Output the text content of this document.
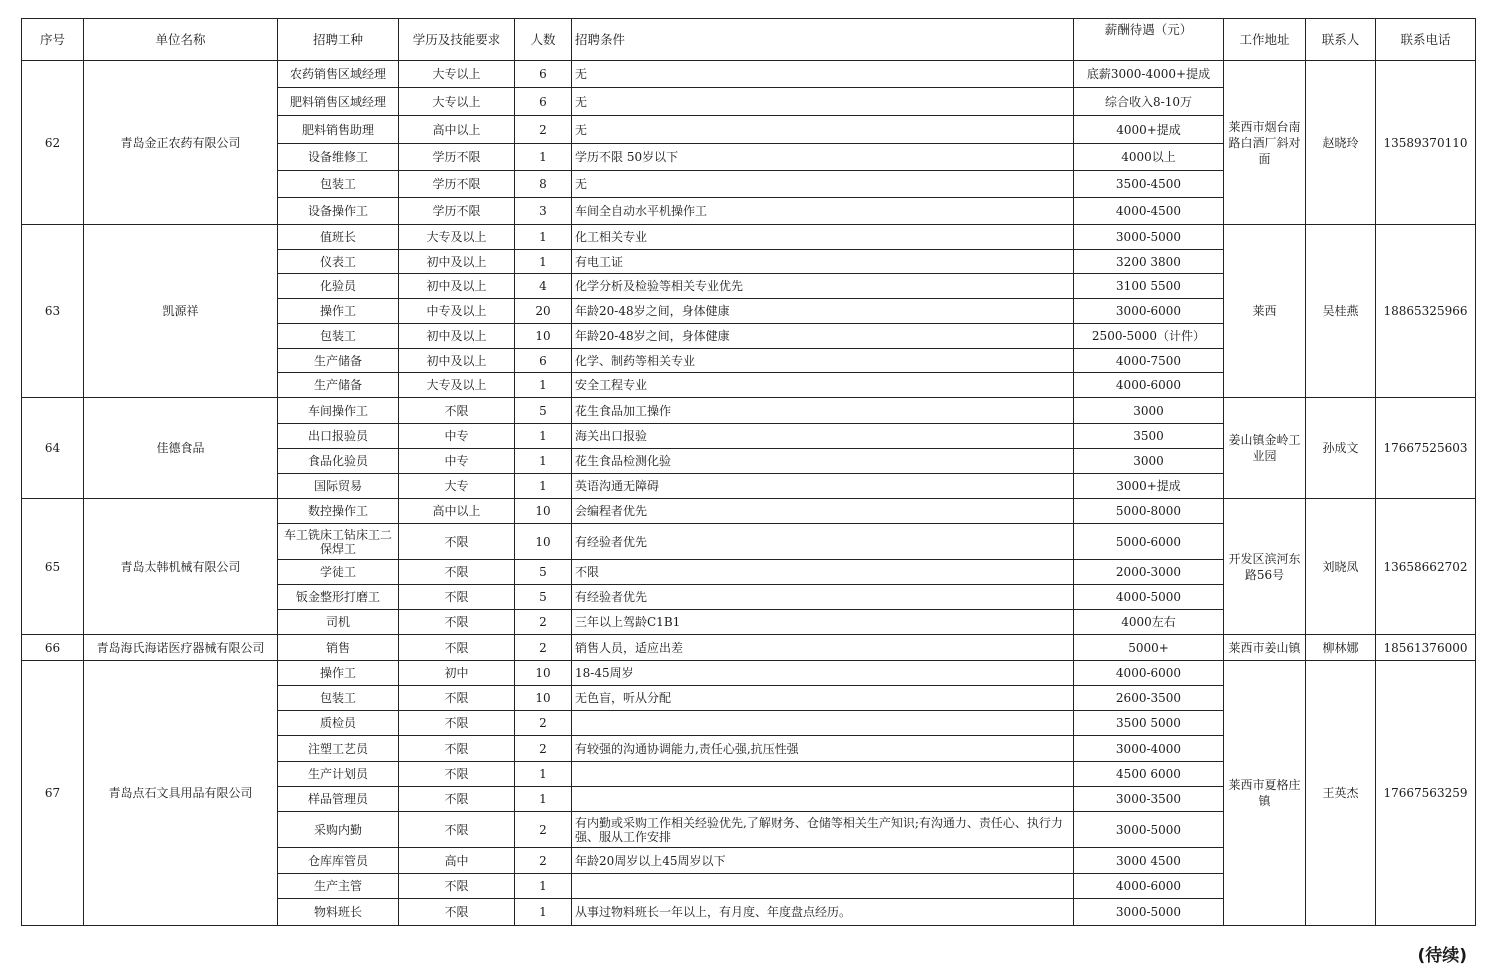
序号	单位名称	招聘工种	学历及技能要求	人数	招聘条件	薪酬待遇（元）	工作地址	联系人	联系电话
62	青岛金正农药有限公司	农药销售区域经理	大专以上	6	无	底薪3000-4000+提成	莱西市烟台南路白酒厂斜对面	赵晓玲	13589370110
		肥料销售区域经理	大专以上	6	无	综合收入8-10万			
		肥料销售助理	高中以上	2	无	4000+提成			
		设备维修工	学历不限	1	学历不限 50岁以下	4000以上			
		包装工	学历不限	8	无	3500-4500			
		设备操作工	学历不限	3	车间全自动水平机操作工	4000-4500			
63	凯源祥	值班长	大专及以上	1	化工相关专业	3000-5000	莱西	吴桂燕	18865325966
		仪表工	初中及以上	1	有电工证	3200 3800			
		化验员	初中及以上	4	化学分析及检验等相关专业优先	3100 5500			
		操作工	中专及以上	20	年龄20-48岁之间，身体健康	3000-6000			
		包装工	初中及以上	10	年龄20-48岁之间，身体健康	2500-5000（计件）			
		生产储备	初中及以上	6	化学、制药等相关专业	4000-7500			
		生产储备	大专及以上	1	安全工程专业	4000-6000			
64	佳德食品	车间操作工	不限	5	花生食品加工操作	3000	姜山镇金岭工业园	孙成文	17667525603
		出口报验员	中专	1	海关出口报验	3500			
		食品化验员	中专	1	花生食品检测化验	3000			
		国际贸易	大专	1	英语沟通无障碍	3000+提成			
65	青岛太韩机械有限公司	数控操作工	高中以上	10	会编程者优先	5000-8000	开发区滨河东路56号	刘晓凤	13658662702
		车工铣床工钻床工二保焊工	不限	10	有经验者优先	5000-6000			
		学徒工	不限	5	不限	2000-3000			
		钣金整形打磨工	不限	5	有经验者优先	4000-5000			
		司机	不限	2	三年以上驾龄C1B1	4000左右			
66	青岛海氏海诺医疗器械有限公司	销售	不限	2	销售人员，适应出差	5000+	莱西市姜山镇	柳林娜	18561376000
67	青岛点石文具用品有限公司	操作工	初中	10	18-45周岁	4000-6000	莱西市夏格庄镇	王英杰	17667563259
		包装工	不限	10	无色盲，听从分配	2600-3500			
		质检员	不限	2		3500 5000			
		注塑工艺员	不限	2	有较强的沟通协调能力,责任心强,抗压性强	3000-4000			
		生产计划员	不限	1		4500 6000			
		样品管理员	不限	1		3000-3500			
		采购内勤	不限	2	有内勤或采购工作相关经验优先,了解财务、仓储等相关生产知识;有沟通力、责任心、执行力强、服从工作安排	3000-5000			
		仓库库管员	高中	2	年龄20周岁以上45周岁以下	3000 4500			
		生产主管	不限	1		4000-6000			
		物料班长	不限	1	从事过物料班长一年以上，有月度、年度盘点经历。	3000-5000			
(待续)
